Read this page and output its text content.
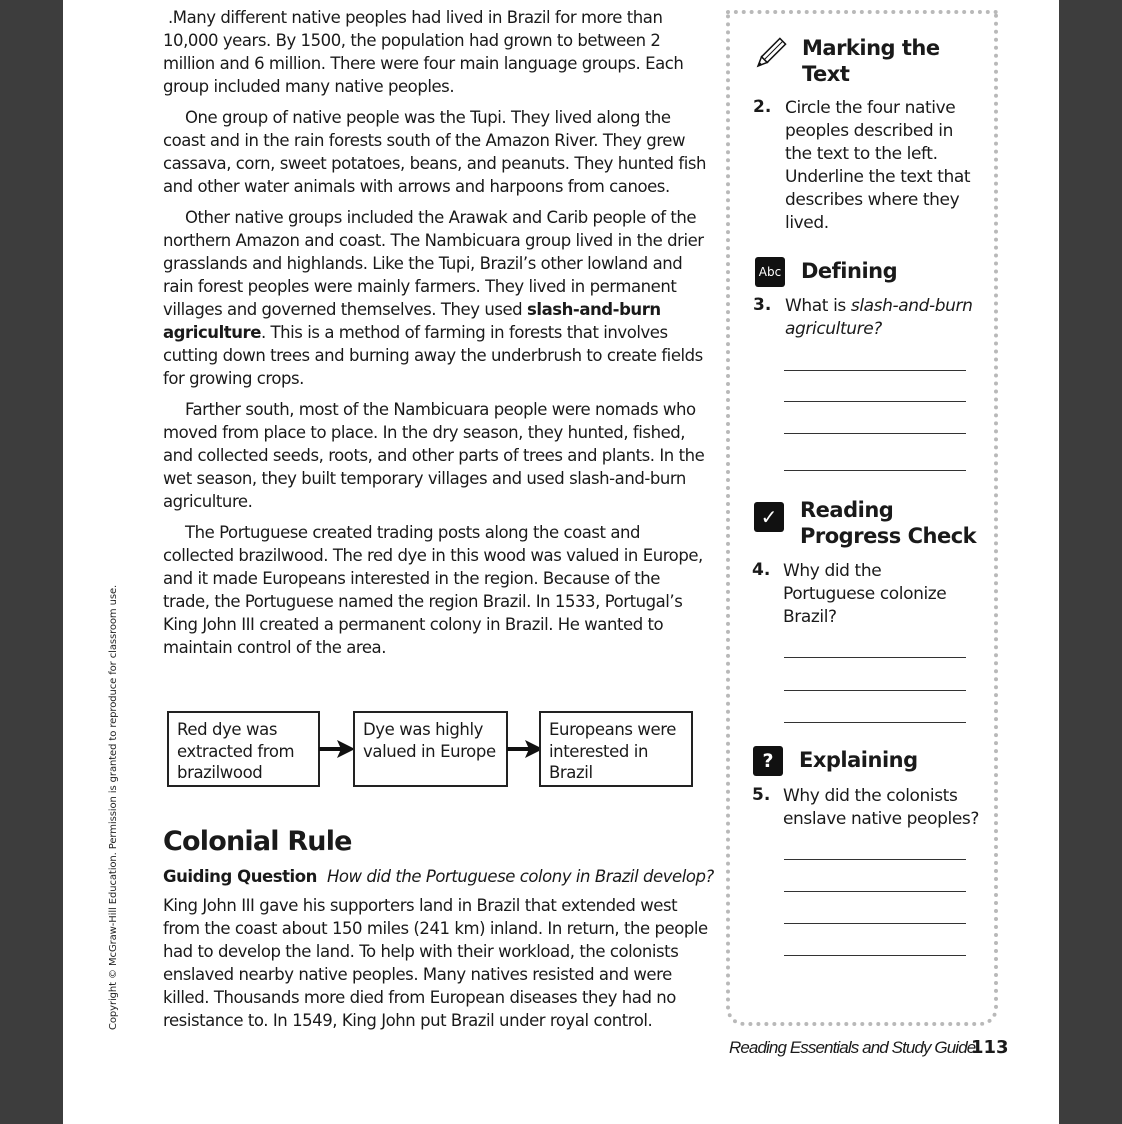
Copyright © McGraw-Hill Education. Permission is granted to reproduce for classroom use.

.Many different native peoples had lived in Brazil for more than 10,000 years. By 1500, the population had grown to between 2 million and 6 million. There were four main language groups. Each group included many native peoples.

One group of native people was the Tupi. They lived along the coast and in the rain forests south of the Amazon River. They grew cassava, corn, sweet potatoes, beans, and peanuts. They hunted fish and other water animals with arrows and harpoons from canoes.

Other native groups included the Arawak and Carib people of the northern Amazon and coast. The Nambicuara group lived in the drier grasslands and highlands. Like the Tupi, Brazil’s other lowland and rain forest peoples were mainly farmers. They lived in permanent villages and governed themselves. They used slash-and-burn agriculture. This is a method of farming in forests that involves cutting down trees and burning away the underbrush to create fields for growing crops.

Farther south, most of the Nambicuara people were nomads who moved from place to place. In the dry season, they hunted, fished, and collected seeds, roots, and other parts of trees and plants. In the wet season, they built temporary villages and used slash-and-burn agriculture.

The Portuguese created trading posts along the coast and collected brazilwood. The red dye in this wood was valued in Europe, and it made Europeans interested in the region. Because of the trade, the Portuguese named the region Brazil. In 1533, Portugal’s King John III created a permanent colony in Brazil. He wanted to maintain control of the area.

Red dye was extracted from brazilwood
Dye was highly valued in Europe
Europeans were interested in Brazil
Colonial Rule
Guiding Question How did the Portuguese colony in Brazil develop?
King John III gave his supporters land in Brazil that extended west from the coast about 150 miles (241 km) inland. In return, the people had to develop the land. To help with their workload, the colonists enslaved nearby native peoples. Many natives resisted and were killed. Thousands more died from European diseases they had no resistance to. In 1549, King John put Brazil under royal control.
Marking the
Text
2. Circle the four native peoples described in the text to the left. Underline the text that describes where they lived.
Abc Defining
3. What is slash-and-burn agriculture?
✓	Reading
Progress Check
4. Why did the Portuguese colonize Brazil?
?	Explaining
5. Why did the colonists enslave native peoples?
Reading Essentials and Study Guide
113
